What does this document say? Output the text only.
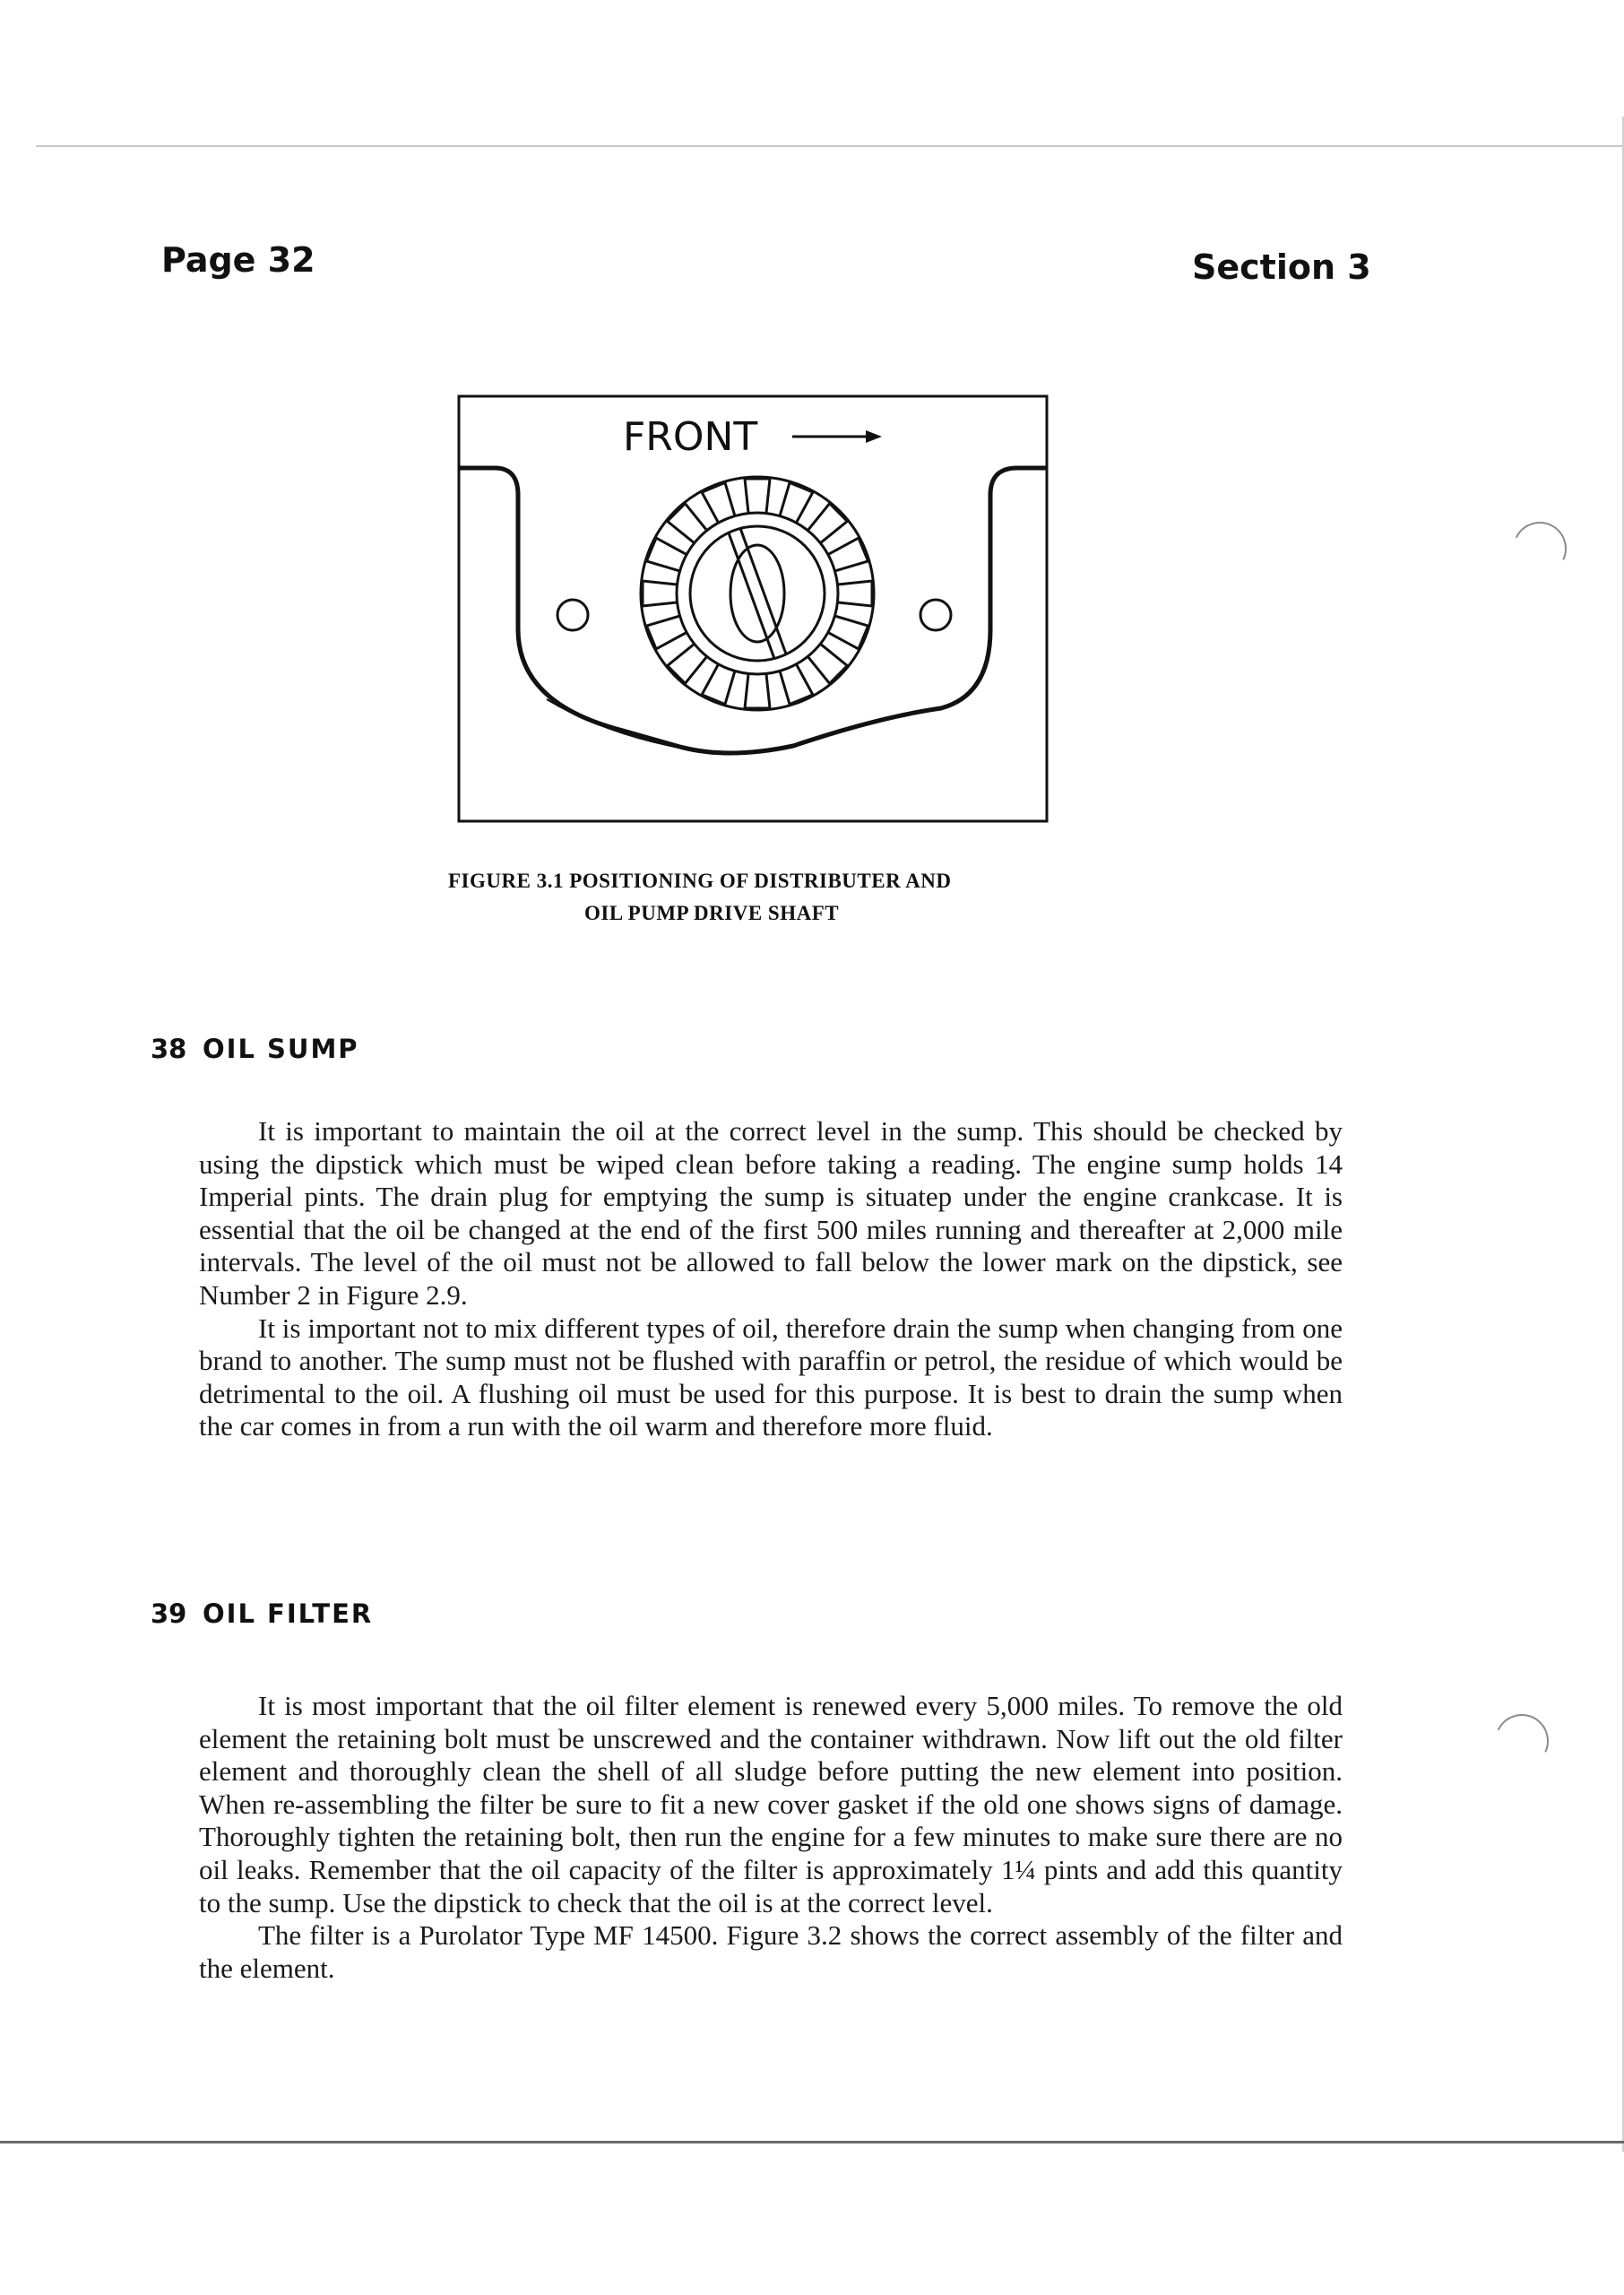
Page 32	Section 3
FRONT
FIGURE 3.1 POSITIONING OF DISTRIBUTER AND
OIL PUMP DRIVE SHAFT
38 OIL SUMP

It is important to maintain the oil at the correct level in the sump. This should be checked by using the dipstick which must be wiped clean before taking a reading. The engine sump holds 14 Imperial pints. The drain plug for emptying the sump is situatep under the engine crankcase. It is essential that the oil be changed at the end of the first 500 miles running and thereafter at 2,000 mile intervals. The level of the oil must not be allowed to fall below the lower mark on the dipstick, see Number 2 in Figure 2.9.

It is important not to mix different types of oil, therefore drain the sump when changing from one brand to another. The sump must not be flushed with paraffin or petrol, the residue of which would be detrimental to the oil. A flushing oil must be used for this purpose. It is best to drain the sump when the car comes in from a run with the oil warm and therefore more fluid.

39 OIL FILTER

It is most important that the oil filter element is renewed every 5,000 miles. To remove the old element the retaining bolt must be unscrewed and the container withdrawn. Now lift out the old filter element and thoroughly clean the shell of all sludge before putting the new element into position. When re-assembling the filter be sure to fit a new cover gasket if the old one shows signs of damage. Thoroughly tighten the retaining bolt, then run the engine for a few minutes to make sure there are no oil leaks. Remember that the oil capacity of the filter is approximately 1¼ pints and add this quantity to the sump. Use the dipstick to check that the oil is at the correct level.

The filter is a Purolator Type MF 14500. Figure 3.2 shows the correct assembly of the filter and the element.
